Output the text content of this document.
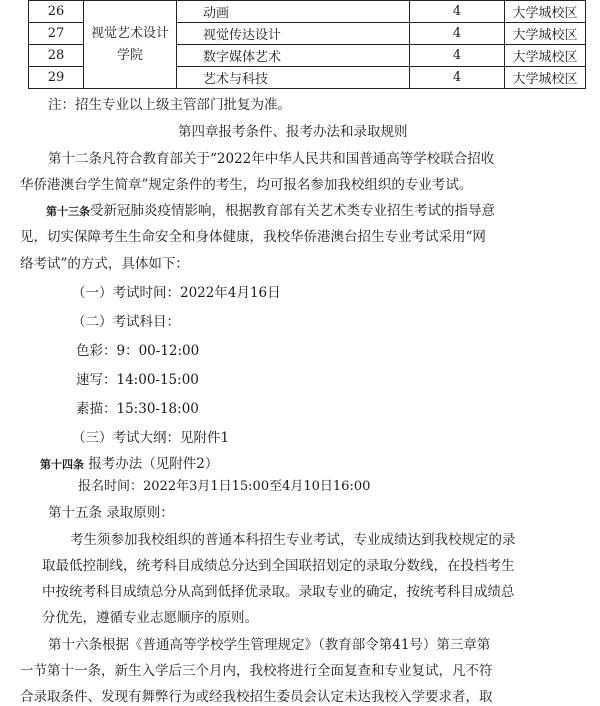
26	视觉艺术设计学院	动画	4	大学城校区
27		视觉传达设计	4	大学城校区
28		数字媒体艺术	4	大学城校区
29		艺术与科技	4	大学城校区
注：招生专业以上级主管部门批复为准。
第四章报考条件、报考办法和录取规则
第十二条凡符合教育部关于“2022年中华人民共和国普通高等学校联合招收
华侨港澳台学生简章”规定条件的考生，均可报名参加我校组织的专业考试。
第十三条受新冠肺炎疫情影响，根据教育部有关艺术类专业招生考试的指导意
见，切实保障考生生命安全和身体健康，我校华侨港澳台招生专业考试采用“网
络考试”的方式，具体如下：
（一）考试时间：2022年4月16日
（二）考试科目：
色彩：9：00-12:00
速写：14:00-15:00
素描：15:30-18:00
（三）考试大纲：见附件1
第十四条 报考办法（见附件2）
报名时间：2022年3月1日15:00至4月10日16:00
第十五条 录取原则：
考生须参加我校组织的普通本科招生专业考试，专业成绩达到我校规定的录
取最低控制线，统考科目成绩总分达到全国联招划定的录取分数线，在投档考生
中按统考科目成绩总分从高到低择优录取。录取专业的确定，按统考科目成绩总
分优先，遵循专业志愿顺序的原则。
第十六条根据《普通高等学校学生管理规定》（教育部令第41号）第三章第
一节第十一条，新生入学后三个月内，我校将进行全面复查和专业复试，凡不符
合录取条件、发现有舞弊行为或经我校招生委员会认定未达我校入学要求者，取
